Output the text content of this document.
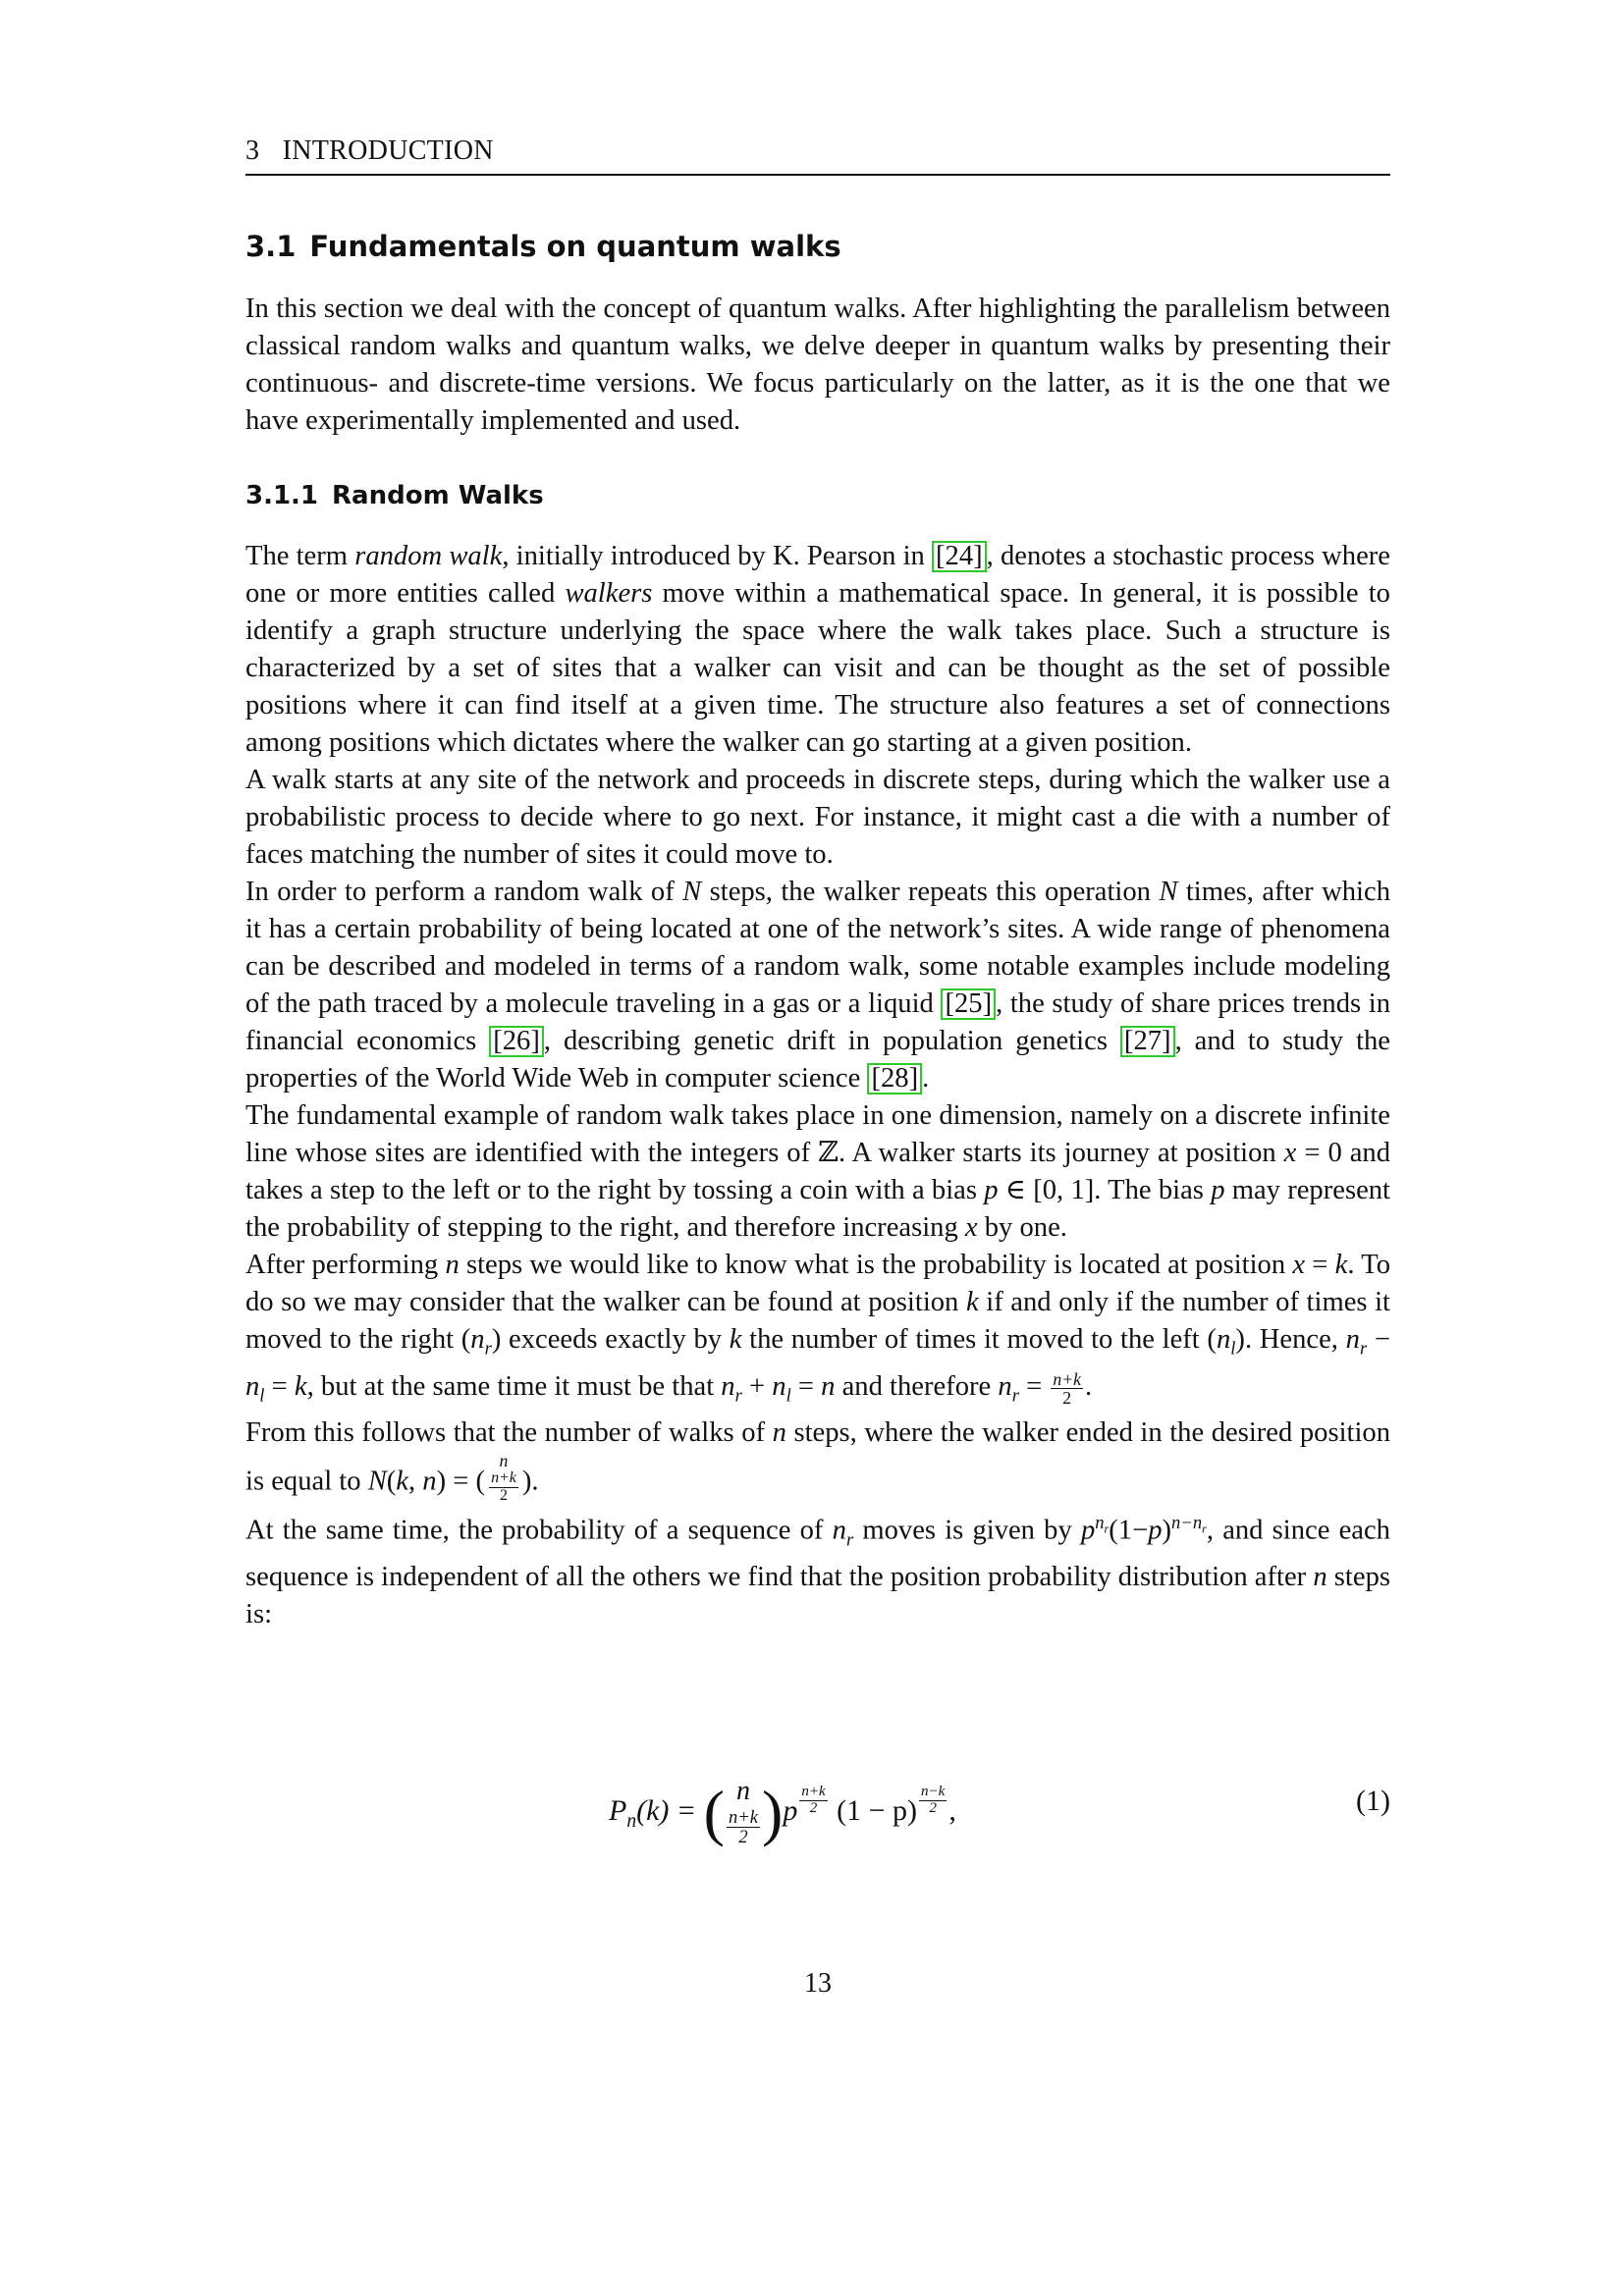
3 INTRODUCTION
3.1 Fundamentals on quantum walks

In this section we deal with the concept of quantum walks. After highlighting the parallelism between classical random walks and quantum walks, we delve deeper in quantum walks by presenting their continuous- and discrete-time versions. We focus particularly on the latter, as it is the one that we have experimentally implemented and used.

3.1.1 Random Walks
The term random walk, initially introduced by K. Pearson in [24] , denotes a stochastic process where one or more entities called walkers move within a mathematical space. In general, it is possible to identify a graph structure underlying the space where the walk takes place. Such a structure is characterized by a set of sites that a walker can visit and can be thought as the set of possible positions where it can find itself at a given time. The structure also features a set of connections among positions which dictates where the walker can go starting at a given position.
A walk starts at any site of the network and proceeds in discrete steps, during which the walker use a probabilistic process to decide where to go next. For instance, it might cast a die with a number of faces matching the number of sites it could move to.
In order to perform a random walk of N steps, the walker repeats this operation N times, after which it has a certain probability of being located at one of the network’s sites. A wide range of phenomena can be described and modeled in terms of a random walk, some notable examples include modeling of the path traced by a molecule traveling in a gas or a liquid [25] , the study of share prices trends in financial economics [26] , describing genetic drift in population genetics [27] , and to study the properties of the World Wide Web in computer science [28] .
The fundamental example of random walk takes place in one dimension, namely on a discrete infinite line whose sites are identified with the integers of ℤ. A walker starts its journey at position x = 0 and takes a step to the left or to the right by tossing a coin with a bias p ∈ [0, 1]. The bias p may represent the probability of stepping to the right, and therefore increasing x by one.
After performing n steps we would like to know what is the probability is located at position x = k. To do so we may consider that the walker can be found at position k if and only if the number of times it moved to the right $(n_r)$ exceeds exactly by k the number of times it moved to the left $(n_l)$. Hence, $n_r - n_l = k$, but at the same time it must be that $n_r + n_l = n$ and therefore $n_r = \frac{n+k}{2}$ .
From this follows that the number of walks of n steps, where the walker ended in the desired position is equal to N(k, n) = (
n
n+k
2 ).
At the same time, the probability of a sequence of $n_r$ moves is given by $p^{n_r}(1-p)^{n-n_r}$, and since each sequence is independent of all the others we find that the position probability distribution after n steps is:
$P_n(k)$ = ( n
$\frac{n+k}{2} )p \frac{n+k}{2} (1 - p) \frac{n-k}{2}$ ,	(1)
13
